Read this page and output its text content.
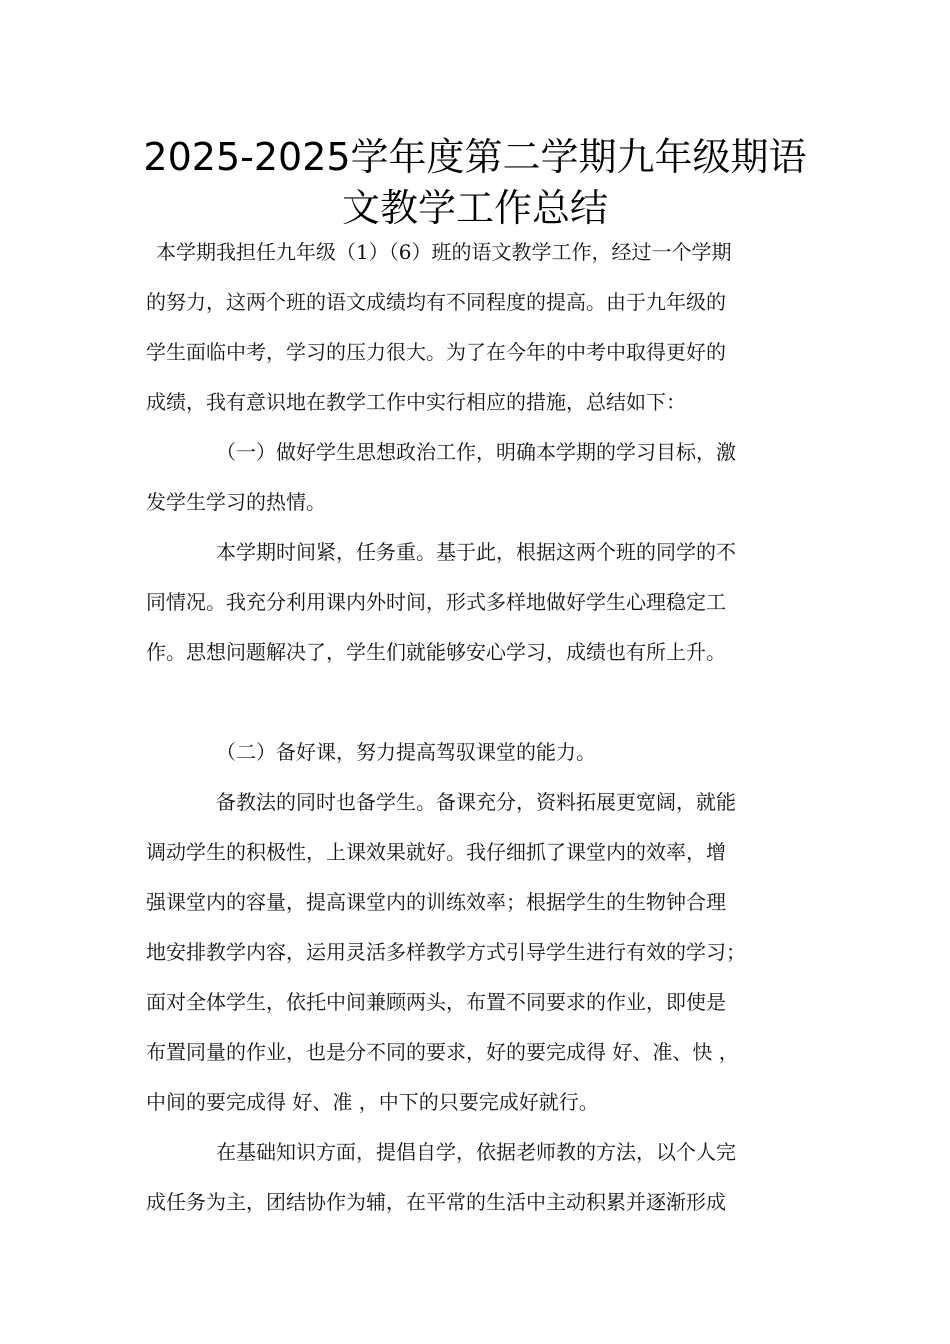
2025-2025学年度第二学期九年级期语
文教学工作总结

本学期我担任九年级（1）（6）班的语文教学工作，经过一个学期

的努力，这两个班的语文成绩均有不同程度的提高。由于九年级的

学生面临中考，学习的压力很大。为了在今年的中考中取得更好的

成绩，我有意识地在教学工作中实行相应的措施，总结如下：

（一）做好学生思想政治工作，明确本学期的学习目标，激

发学生学习的热情。

本学期时间紧，任务重。基于此，根据这两个班的同学的不

同情况。我充分利用课内外时间，形式多样地做好学生心理稳定工

作。思想问题解决了，学生们就能够安心学习，成绩也有所上升。

（二）备好课，努力提高驾驭课堂的能力。

备教法的同时也备学生。备课充分，资料拓展更宽阔，就能

调动学生的积极性，上课效果就好。我仔细抓了课堂内的效率，增

强课堂内的容量，提高课堂内的训练效率；根据学生的生物钟合理

地安排教学内容，运用灵活多样教学方式引导学生进行有效的学习；

面对全体学生，依托中间兼顾两头，布置不同要求的作业，即使是

布置同量的作业，也是分不同的要求，好的要完成得 好、准、快 ，

中间的要完成得 好、准 ，中下的只要完成好就行。

在基础知识方面，提倡自学，依据老师教的方法，以个人完

成任务为主，团结协作为辅，在平常的生活中主动积累并逐渐形成
